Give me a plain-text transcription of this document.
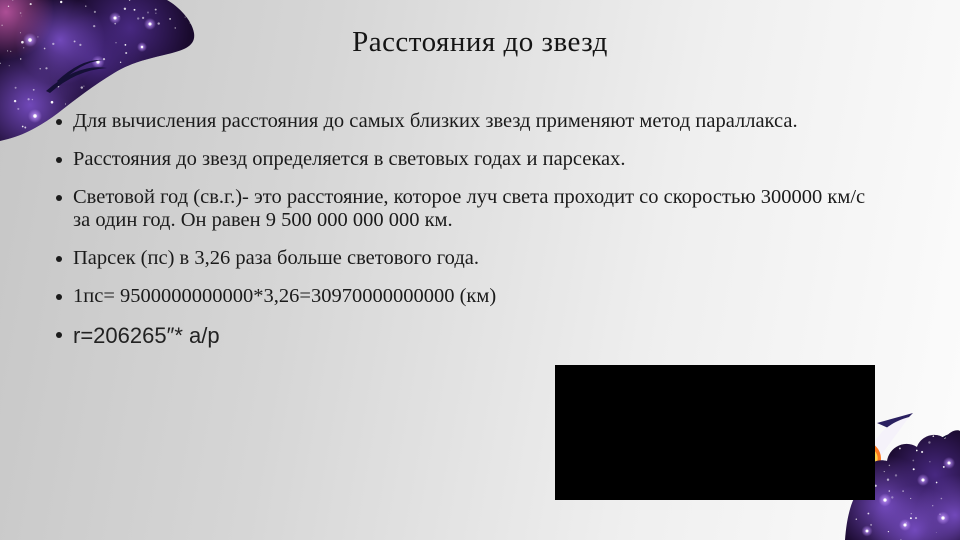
Расстояния до звезд

Для вычисления расстояния до самых близких звезд применяют метод параллакса.

Расстояния до звезд определяется в световых годах и парсеках.

Световой год (св.г.)- это расстояние, которое луч света проходит со скоростью 300000 км/с за один год. Он равен 9 500 000 000 000 км.

Парсек (пс) в 3,26 раза больше светового года.

1пс= 9500000000000*3,26=30970000000000 (км)

r=206265″* a/p
